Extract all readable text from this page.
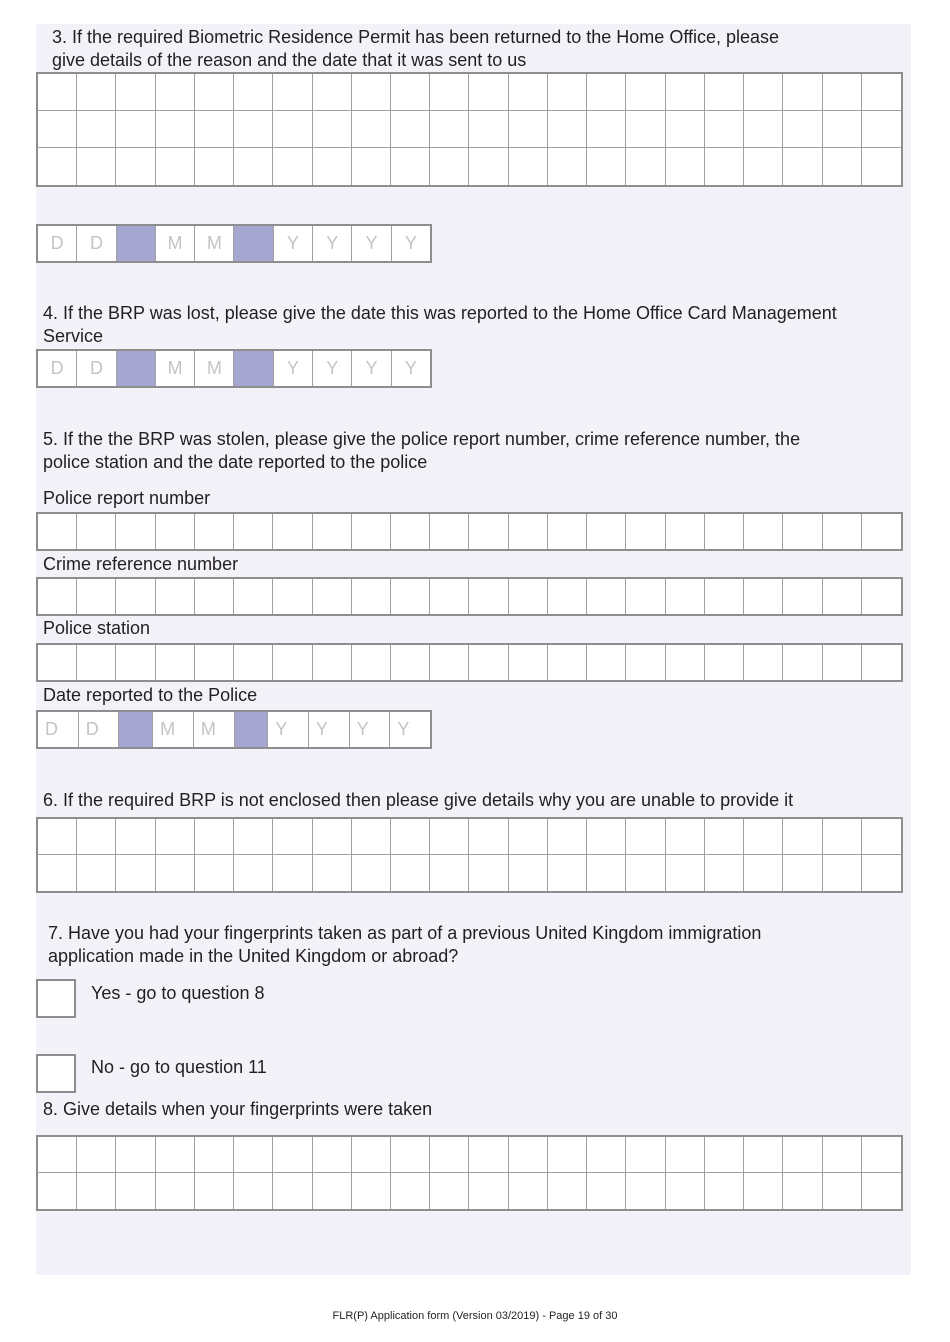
3. If the required Biometric Residence Permit has been returned to the Home Office, please
give details of the reason and the date that it was sent to us

D	D	M	M	Y	Y	Y	Y

4. If the BRP was lost, please give the date this was reported to the Home Office Card Management
Service

D	D	M	M	Y	Y	Y	Y

5. If the the BRP was stolen, please give the police report number, crime reference number, the
police station and the date reported to the police

Police report number

Crime reference number

Police station

Date reported to the Police

D	D	M	M	Y	Y	Y	Y

6. If the required BRP is not enclosed then please give details why you are unable to provide it

7. Have you had your fingerprints taken as part of a previous United Kingdom immigration
application made in the United Kingdom or abroad?

Yes - go to question 8

No - go to question 11

8. Give details when your fingerprints were taken

FLR(P) Application form (Version 03/2019) - Page 19 of 30
